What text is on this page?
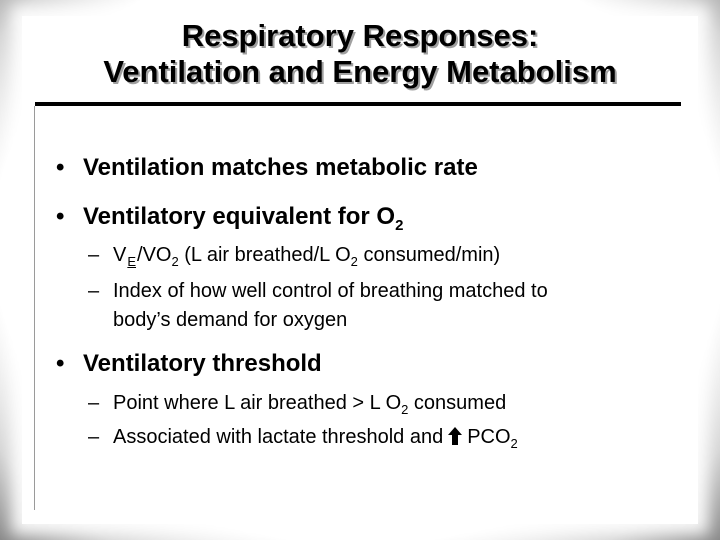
Respiratory Responses:
Ventilation and Energy Metabolism
• Ventilation matches metabolic rate
• Ventilatory equivalent for $O_2$
– $VE/VO_2$ (L air breathed/L $O_2$ consumed/min)
– Index of how well control of breathing matched to
body’s demand for oxygen
• Ventilatory threshold
– Point where L air breathed > L $O_2$ consumed
– Associated with lactate threshold and $PCO_2$
